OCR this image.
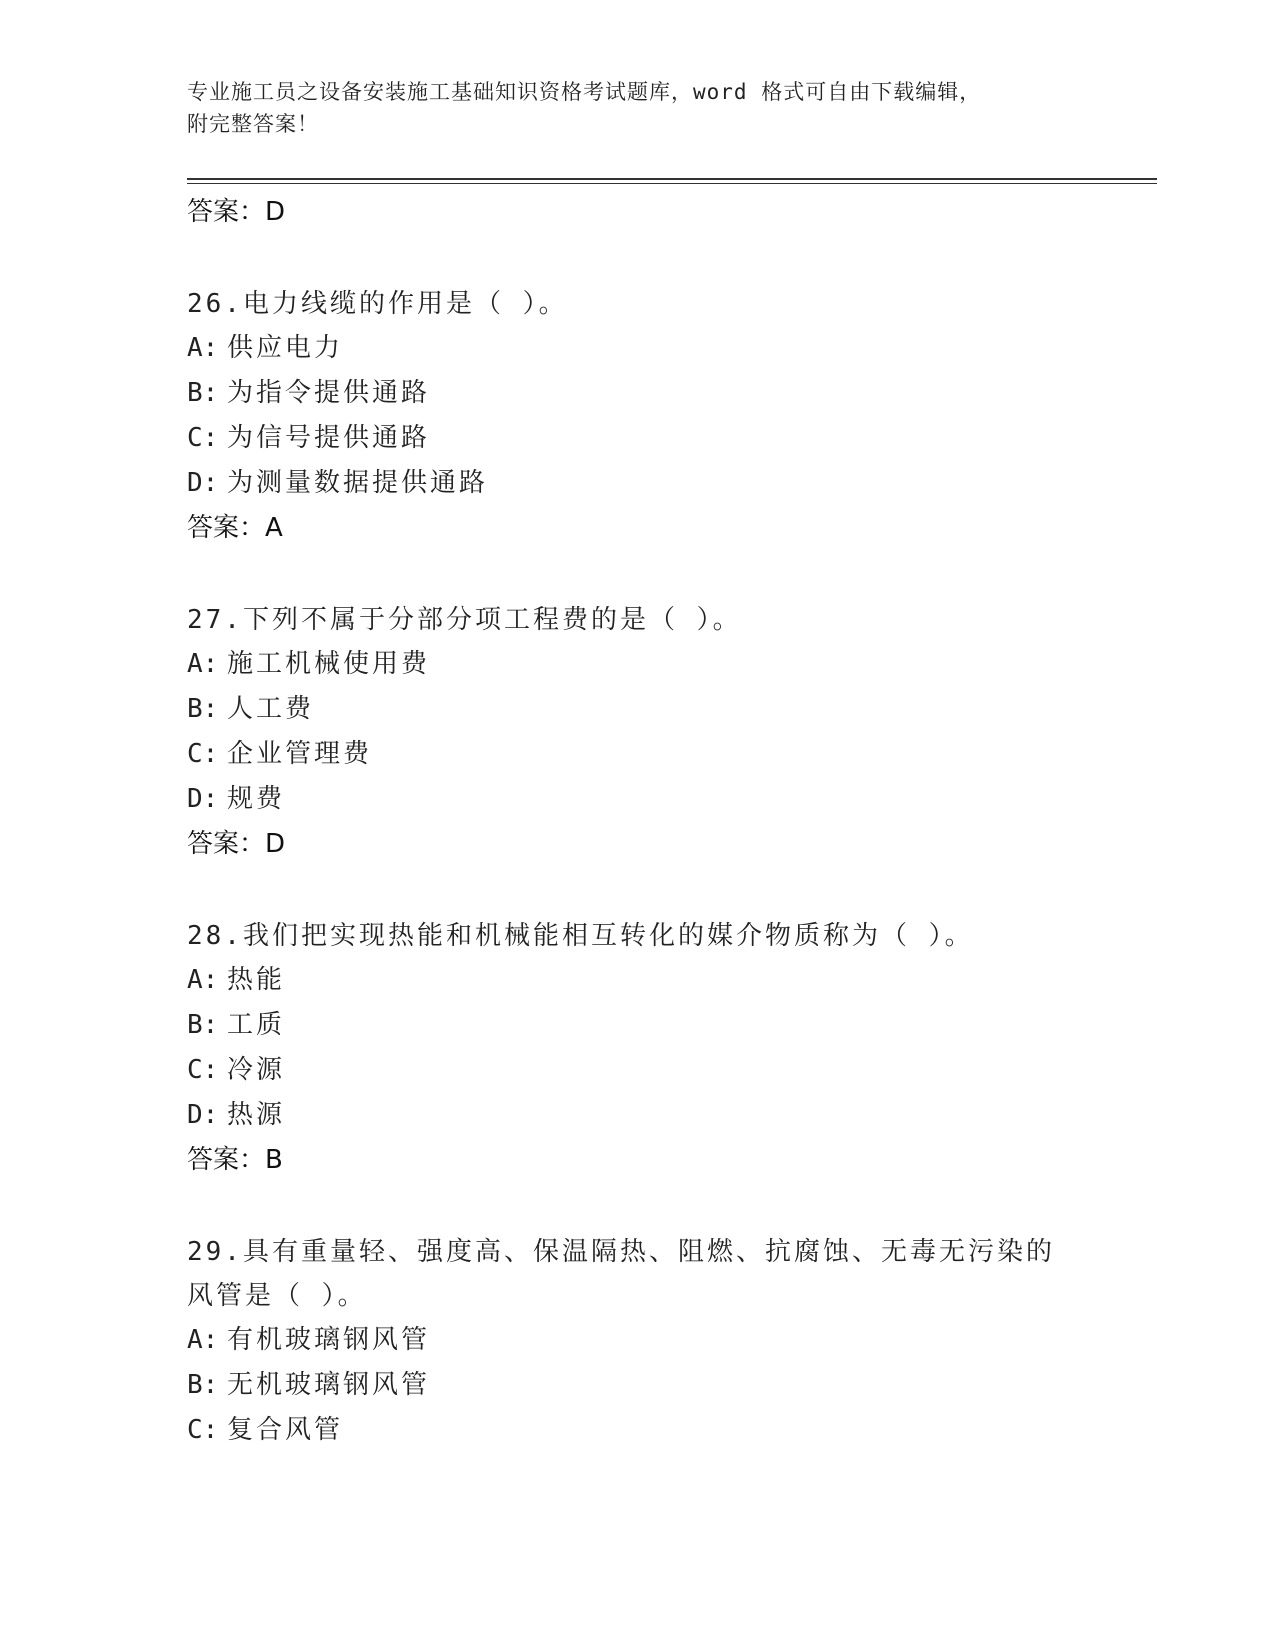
专业施工员之设备安装施工基础知识资格考试题库，word 格式可自由下载编辑，
附完整答案！
答案：D
26.电力线缆的作用是（ ）。
A: 供应电力
B: 为指令提供通路
C: 为信号提供通路
D: 为测量数据提供通路
答案：A
27.下列不属于分部分项工程费的是（ ）。
A: 施工机械使用费
B: 人工费
C: 企业管理费
D: 规费
答案：D
28.我们把实现热能和机械能相互转化的媒介物质称为（ ）。
A: 热能
B: 工质
C: 冷源
D: 热源
答案：B
29.具有重量轻、强度高、保温隔热、阻燃、抗腐蚀、无毒无污染的风管是（ ）。
A: 有机玻璃钢风管
B: 无机玻璃钢风管
C: 复合风管
